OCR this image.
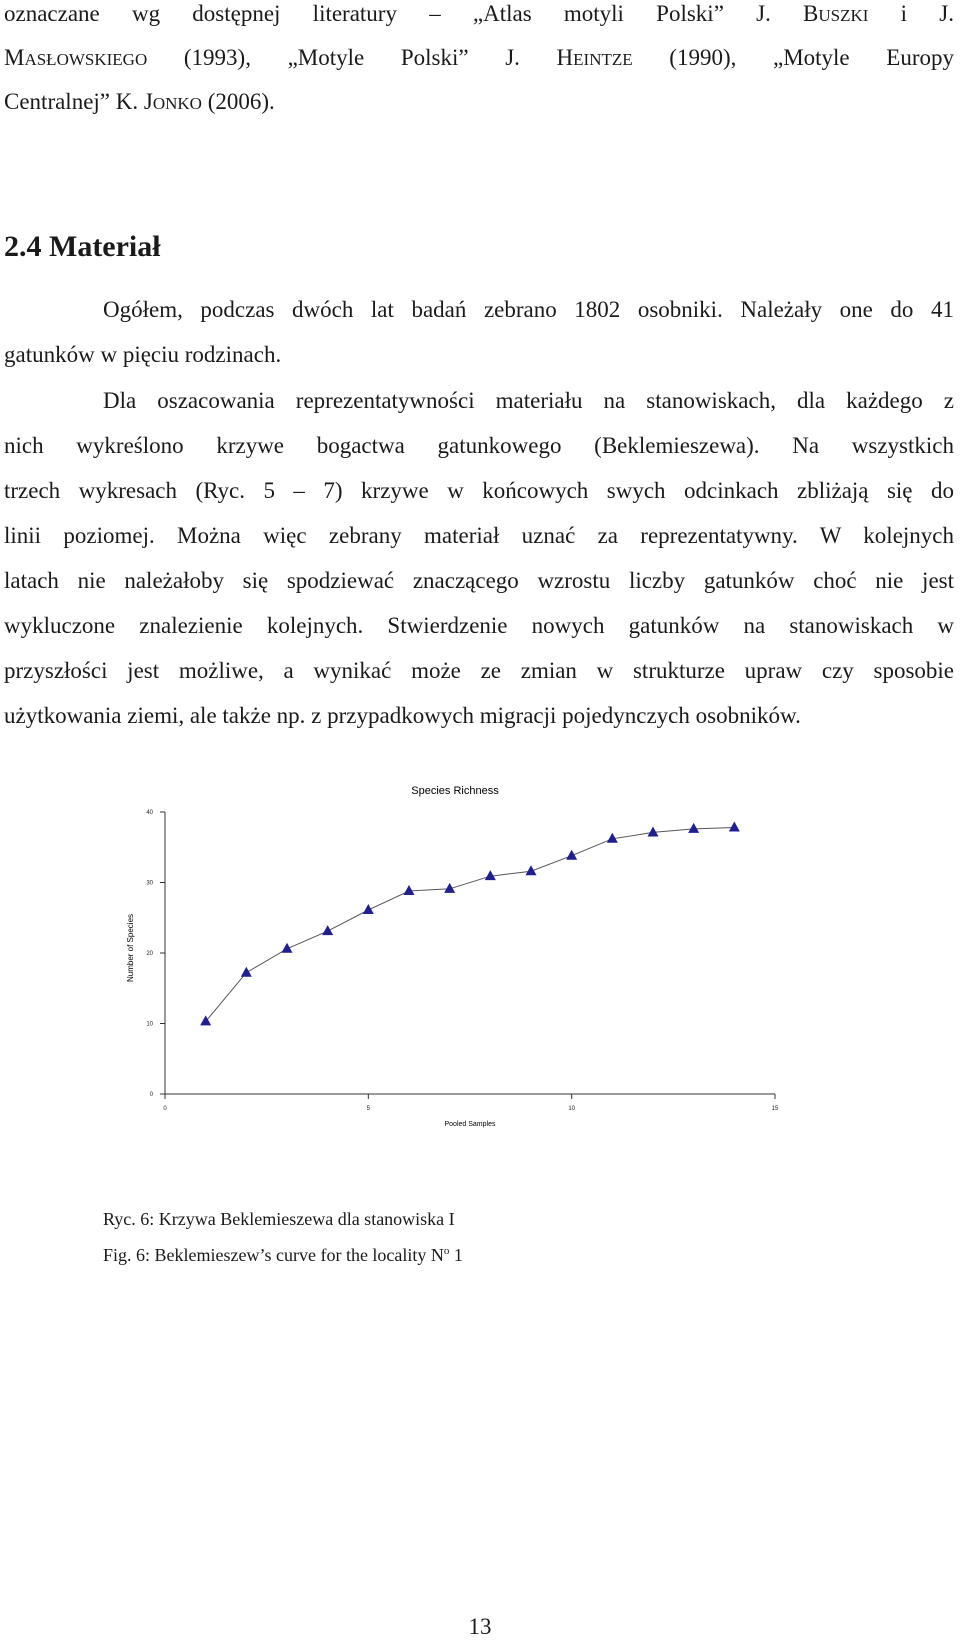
oznaczane wg dostępnej literatury – „Atlas motyli Polski” J. BUSZKI i J.
MASŁOWSKIEGO (1993), „Motyle Polski” J. HEINTZE (1990), „Motyle Europy
Centralnej” K. JONKO (2006).
2.4 Materiał
Ogółem, podczas dwóch lat badań zebrano 1802 osobniki. Należały one do 41
gatunków w pięciu rodzinach.
Dla oszacowania reprezentatywności materiału na stanowiskach, dla każdego z
nich wykreślono krzywe bogactwa gatunkowego (Beklemieszewa). Na wszystkich
trzech wykresach (Ryc. 5 – 7) krzywe w końcowych swych odcinkach zbliżają się do
linii poziomej. Można więc zebrany materiał uznać za reprezentatywny. W kolejnych
latach nie należałoby się spodziewać znaczącego wzrostu liczby gatunków choć nie jest
wykluczone znalezienie kolejnych. Stwierdzenie nowych gatunków na stanowiskach w
przyszłości jest możliwe, a wynikać może ze zmian w strukturze upraw czy sposobie
użytkowania ziemi, ale także np. z przypadkowych migracji pojedynczych osobników.
Species Richness
Number of Species
Pooled Samples
0
10
20
30
40
0	5	10	15
Ryc. 6: Krzywa Beklemieszewa dla stanowiska I
Fig. 6: Beklemieszew’s curve for the locality $N^o$ 1
13
